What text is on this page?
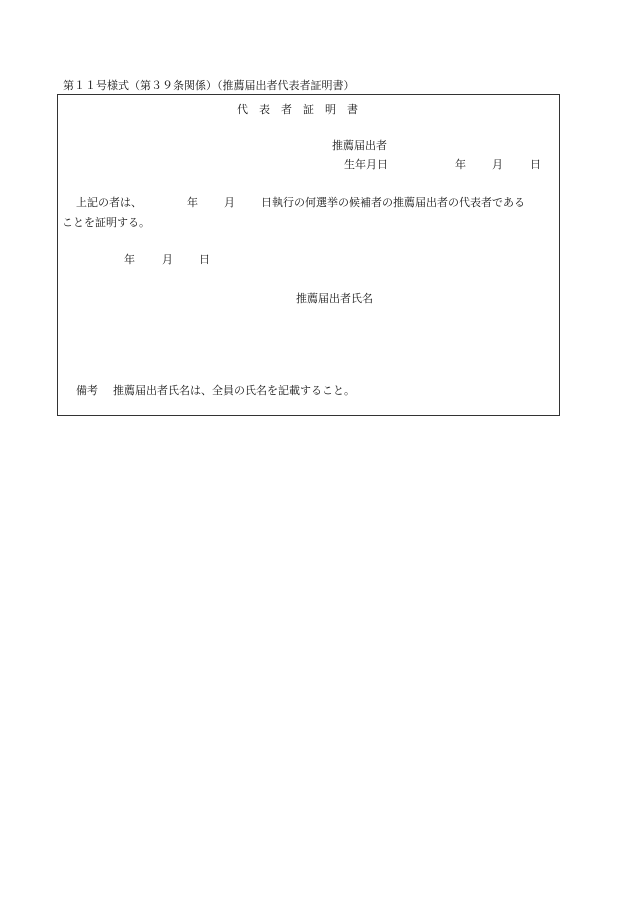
第１１号様式（第３９条関係）（推薦届出者代表者証明書）
代表者証明書
推薦届出者
生年月日	年 月 日
上記の者は、	年 月 日執行の何選挙の候補者の推薦届出者の代表者である
ことを証明する。
年 月 日
推薦届出者氏名
備考 推薦届出者氏名は、全員の氏名を記載すること。
